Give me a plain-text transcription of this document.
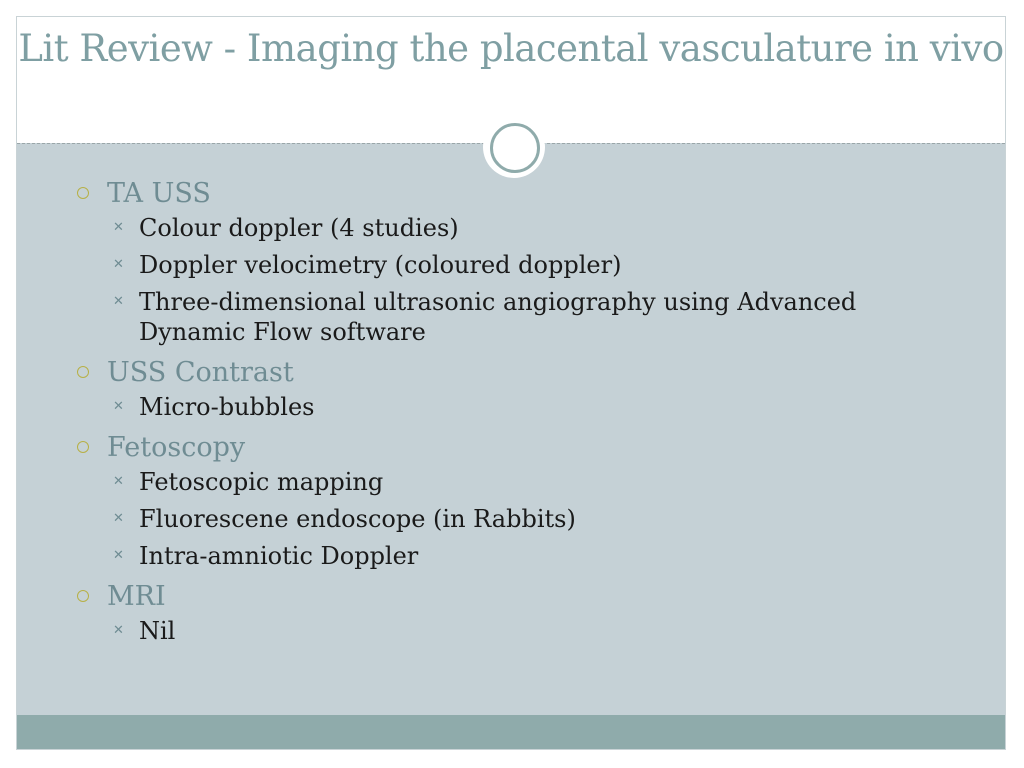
Lit Review - Imaging the placental vasculature in vivo
TA USS
✕ Colour doppler (4 studies)
✕ Doppler velocimetry (coloured doppler)
✕ Three-dimensional ultrasonic angiography using Advanced Dynamic Flow software
USS Contrast
✕ Micro-bubbles
Fetoscopy
✕ Fetoscopic mapping
✕ Fluorescene endoscope (in Rabbits)
✕ Intra-amniotic Doppler
MRI
✕ Nil
